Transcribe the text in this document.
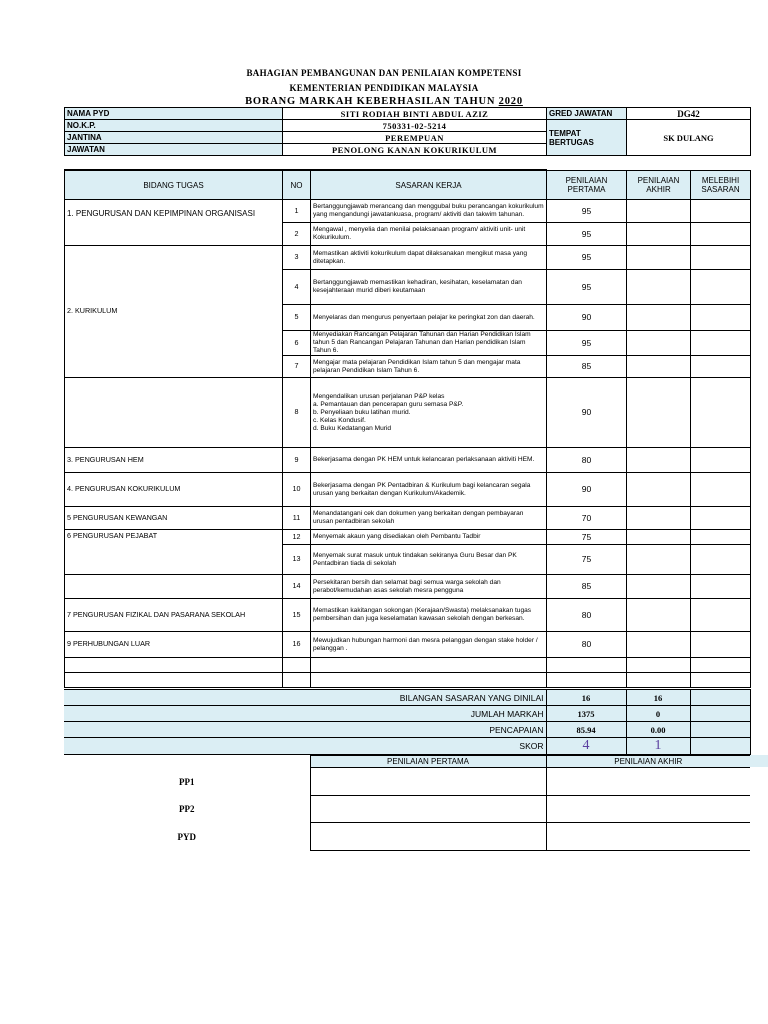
BAHAGIAN PEMBANGUNAN DAN PENILAIAN KOMPETENSI
KEMENTERIAN PENDIDIKAN MALAYSIA
BORANG MARKAH KEBERHASILAN TAHUN 2020
NAMA PYD	SITI RODIAH BINTI ABDUL AZIZ	GRED JAWATAN	DG42
NO.K.P.	750331-02-5214	TEMPAT BERTUGAS	SK DULANG
JANTINA	PEREMPUAN		
JAWATAN	PENOLONG KANAN KOKURIKULUM		
BIDANG TUGAS	NO	SASARAN KERJA	PENILAIAN PERTAMA	PENILAIAN AKHIR	MELEBIHI SASARAN
1. PENGURUSAN DAN KEPIMPINAN ORGANISASI	1	Bertanggungjawab merancang dan menggubal buku perancangan kokurikulum yang mengandungi jawatankuasa, program/ aktiviti dan takwim tahunan.	95		
	2	Mengawal , menyelia dan menilai pelaksanaan program/ aktiviti unit- unit Kokurikulum.	95		
2. KURIKULUM	3	Memastikan aktiviti kokurikulum dapat dilaksanakan mengikut masa yang ditetapkan.	95		
	4	Bertanggungjawab memastikan kehadiran, kesihatan, keselamatan dan kesejahteraan murid diberi keutamaan	95		
	5	Menyelaras dan mengurus penyertaan pelajar ke peringkat zon dan daerah.	90		
	6	Menyediakan Rancangan Pelajaran Tahunan dan Harian Pendidikan Islam tahun 5 dan Rancangan Pelajaran Tahunan dan Harian pendidikan Islam Tahun 6.	95		
	7	Mengajar mata pelajaran Pendidikan Islam tahun 5 dan mengajar mata pelajaran Pendidikan Islam Tahun 6.	85		
	8	Mengendalikan urusan perjalanan P&P kelas
a. Pemantauan dan pencerapan guru semasa P&P.
b. Penyeliaan buku latihan murid.
c. Kelas Kondusif.
d. Buku Kedatangan Murid	90		
3. PENGURUSAN HEM	9	Bekerjasama dengan PK HEM untuk kelancaran perlaksanaan aktiviti HEM.	80		
4. PENGURUSAN KOKURIKULUM	10	Bekerjasama dengan PK Pentadbiran & Kurikulum bagi kelancaran segala urusan yang berkaitan dengan Kurikulum/Akademik.	90		
5 PENGURUSAN KEWANGAN	11	Menandatangani cek dan dokumen yang berkaitan dengan pembayaran urusan pentadbiran sekolah	70		
6 PENGURUSAN PEJABAT	12	Menyemak akaun yang disediakan oleh Pembantu Tadbir	75		
	13	Menyemak surat masuk untuk tindakan sekiranya Guru Besar dan PK Pentadbiran tiada di sekolah	75		
	14	Persekitaran bersih dan selamat bagi semua warga sekolah dan perabot/kemudahan asas sekolah mesra pengguna	85		
7 PENGURUSAN FIZIKAL DAN PASARANA SEKOLAH	15	Memastikan kakitangan sokongan (Kerajaan/Swasta) melaksanakan tugas pembersihan dan juga keselamatan kawasan sekolah dengan berkesan.	80		
9 PERHUBUNGAN LUAR	16	Mewujudkan hubungan harmoni dan mesra pelanggan dengan stake holder / pelanggan .	80		

BILANGAN SASARAN YANG DINILAI	16	16	
JUMLAH MARKAH	1375	0	
PENCAPAIAN	85.94	0.00	
SKOR	4	1	
	PENILAIAN PERTAMA	PENILAIAN AKHIR
PP1		
PP2		
PYD		
